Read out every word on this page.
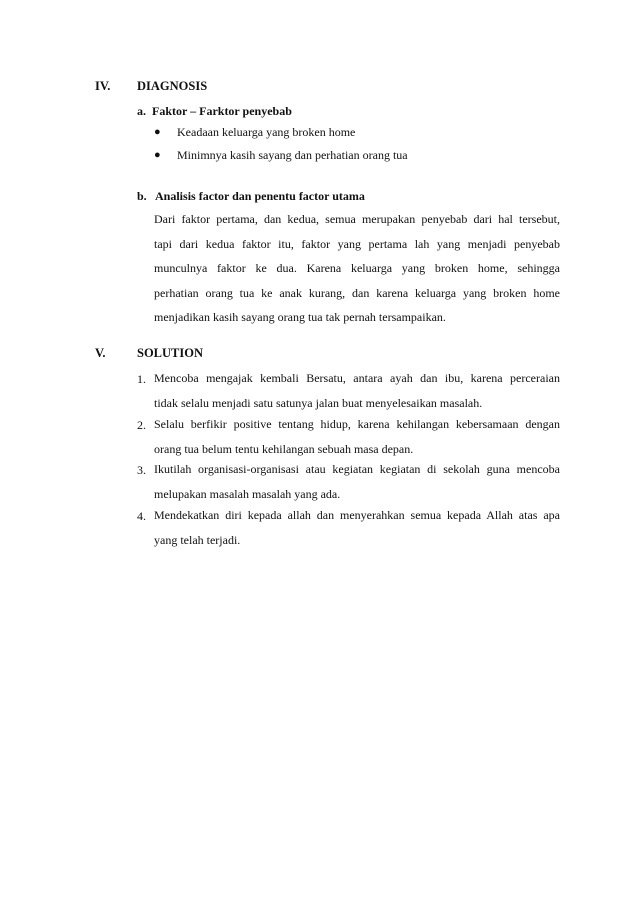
IV. DIAGNOSIS
a.  Faktor – Farktor penyebab
● Keadaan keluarga yang broken home
● Minimnya kasih sayang dan perhatian orang tua
b.   Analisis factor dan penentu factor utama
Dari faktor pertama, dan kedua, semua merupakan penyebab dari hal tersebut,
tapi dari kedua faktor itu, faktor yang pertama lah yang menjadi penyebab
munculnya faktor ke dua. Karena keluarga yang broken home, sehingga
perhatian orang tua ke anak kurang, dan karena keluarga yang broken home
menjadikan kasih sayang orang tua tak pernah tersampaikan.
V.	SOLUTION
1. Mencoba mengajak kembali Bersatu, antara ayah dan ibu, karena perceraian
tidak selalu menjadi satu satunya jalan buat menyelesaikan masalah.
2. Selalu berfikir positive tentang hidup, karena kehilangan kebersamaan dengan
orang tua belum tentu kehilangan sebuah masa depan.
3. Ikutilah organisasi-organisasi atau kegiatan kegiatan di sekolah guna mencoba
melupakan masalah masalah yang ada.
4. Mendekatkan diri kepada allah dan menyerahkan semua kepada Allah atas apa
yang telah terjadi.
